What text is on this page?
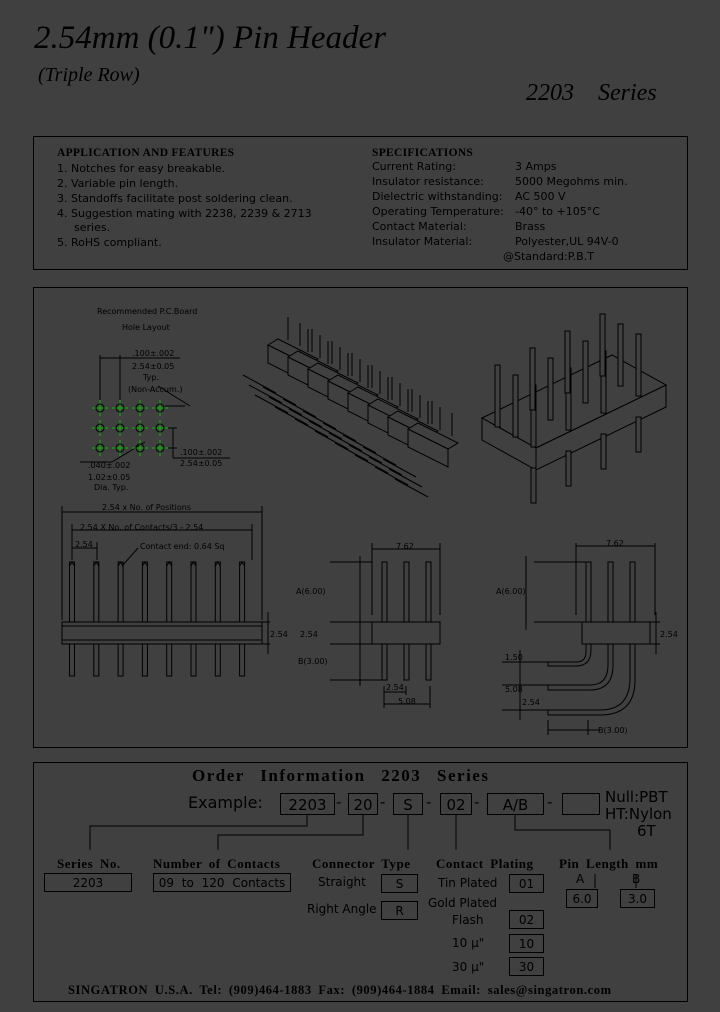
2.54mm (0.1") Pin Header
(Triple Row)
2203 Series
APPLICATION AND FEATURES
1. Notches for easy breakable.
2. Variable pin length.
3. Standoffs facilitate post soldering clean.
4. Suggestion mating with 2238, 2239 & 2713
series.
5. RoHS compliant.
SPECIFICATIONS
Current Rating:	3 Amps
Insulator resistance:	5000 Megohms min.
Dielectric withstanding:	AC 500 V
Operating Temperature:	-40° to +105°C
Contact Material:	Brass
Insulator Material:	Polyester,UL 94V-0
@Standard:P.B.T
Recommended P.C.Board
Hole Layout
.100±.002
2.54±0.05
Typ.
(Non-Accum.)
.100±.002
2.54±0.05
.040±.002
1.02±0.05
Dia. Typ.
2.54 x No. of Positions
2.54 X No. of Contacts/3 - 2.54
2.54	Contact end: 0.64 Sq
2.54
A(6.00)
2.54
B(3.00)
7.62
2.54
5.08
7.62
A(6.00)
2.54
1.50
5.08
2.54
B(3.00)
Order Information 2203 Series
Example:	2203 - 20 -	S -	02 -	A/B	-	Null:PBT
HT:Nylon
6T
Series No.
2203
Number of Contacts
09 to 120 Contacts
Connector Type
Straight	S
Right Angle	R
Contact Plating
Tin Plated	01
Gold Plated
Flash	02
10 μ"	10
30 μ"	30
Pin Length mm
A	B
6.0	3.0
SINGATRON U.S.A. Tel: (909)464-1883 Fax: (909)464-1884 Email: sales@singatron.com
